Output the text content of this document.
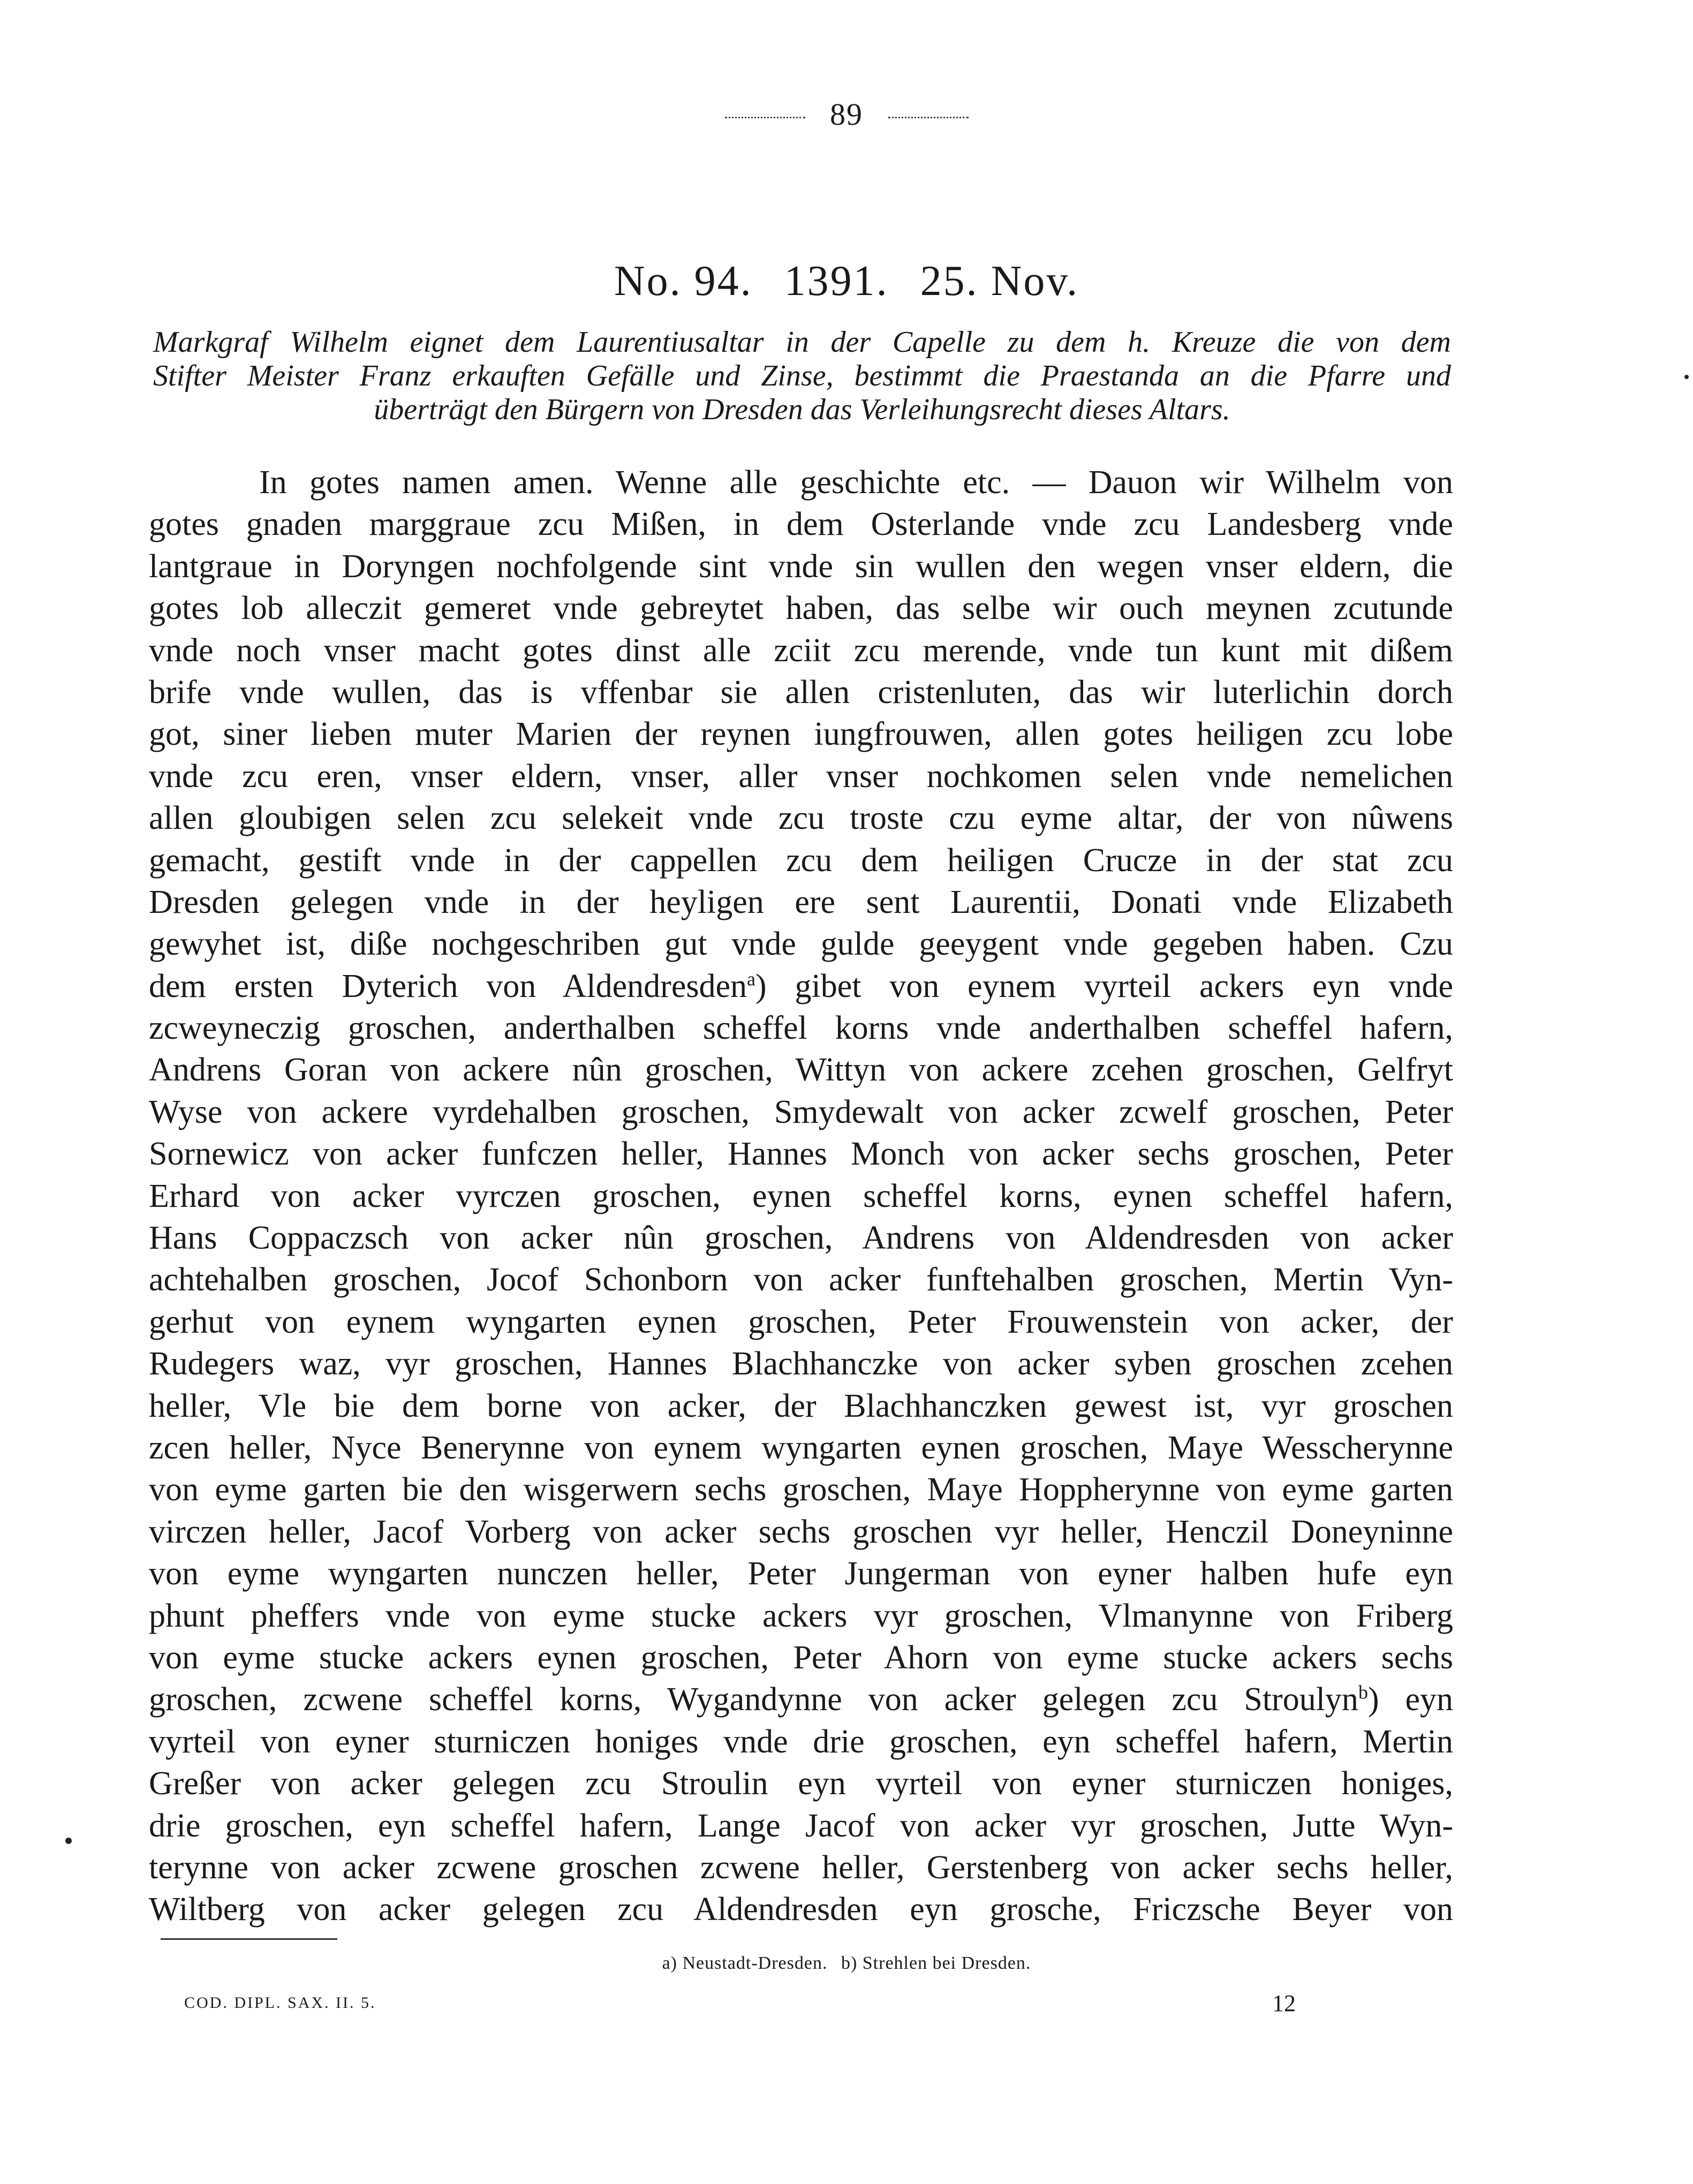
89
No. 94. 1391. 25. Nov.
Markgraf Wilhelm eignet dem Laurentiusaltar in der Capelle zu dem h. Kreuze die von dem
Stifter Meister Franz erkauften Gefälle und Zinse, bestimmt die Praestanda an die Pfarre und
überträgt den Bürgern von Dresden das Verleihungsrecht dieses Altars.
In gotes namen amen. Wenne alle geschichte etc. — Dauon wir Wilhelm von
gotes gnaden marggraue zcu Mißen, in dem Osterlande vnde zcu Landesberg vnde
lantgraue in Doryngen nochfolgende sint vnde sin wullen den wegen vnser eldern, die
gotes lob alleczit gemeret vnde gebreytet haben, das selbe wir ouch meynen zcutunde
vnde noch vnser macht gotes dinst alle zciit zcu merende, vnde tun kunt mit dißem
brife vnde wullen, das is vffenbar sie allen cristenluten, das wir luterlichin dorch
got, siner lieben muter Marien der reynen iungfrouwen, allen gotes heiligen zcu lobe
vnde zcu eren, vnser eldern, vnser, aller vnser nochkomen selen vnde nemelichen
allen gloubigen selen zcu selekeit vnde zcu troste czu eyme altar, der von nûwens
gemacht, gestift vnde in der cappellen zcu dem heiligen Crucze in der stat zcu
Dresden gelegen vnde in der heyligen ere sent Laurentii, Donati vnde Elizabeth
gewyhet ist, diße nochgeschriben gut vnde gulde geeygent vnde gegeben haben. Czu
dem ersten Dyterich von Aldendresden$^a$) gibet von eynem vyrteil ackers eyn vnde
zcweyneczig groschen, anderthalben scheffel korns vnde anderthalben scheffel hafern,
Andrens Goran von ackere nûn groschen, Wittyn von ackere zcehen groschen, Gelfryt
Wyse von ackere vyrdehalben groschen, Smydewalt von acker zcwelf groschen, Peter
Sornewicz von acker funfczen heller, Hannes Monch von acker sechs groschen, Peter
Erhard von acker vyrczen groschen, eynen scheffel korns, eynen scheffel hafern,
Hans Coppaczsch von acker nûn groschen, Andrens von Aldendresden von acker
achtehalben groschen, Jocof Schonborn von acker funftehalben groschen, Mertin Vyn-
gerhut von eynem wyngarten eynen groschen, Peter Frouwenstein von acker, der
Rudegers waz, vyr groschen, Hannes Blachhanczke von acker syben groschen zcehen
heller, Vle bie dem borne von acker, der Blachhanczken gewest ist, vyr groschen
zcen heller, Nyce Benerynne von eynem wyngarten eynen groschen, Maye Wesscherynne
von eyme garten bie den wisgerwern sechs groschen, Maye Hoppherynne von eyme garten
virczen heller, Jacof Vorberg von acker sechs groschen vyr heller, Henczil Doneyninne
von eyme wyngarten nunczen heller, Peter Jungerman von eyner halben hufe eyn
phunt pheffers vnde von eyme stucke ackers vyr groschen, Vlmanynne von Friberg
von eyme stucke ackers eynen groschen, Peter Ahorn von eyme stucke ackers sechs
groschen, zcwene scheffel korns, Wygandynne von acker gelegen zcu Stroulyn$^b$) eyn
vyrteil von eyner sturniczen honiges vnde drie groschen, eyn scheffel hafern, Mertin
Greßer von acker gelegen zcu Stroulin eyn vyrteil von eyner sturniczen honiges,
drie groschen, eyn scheffel hafern, Lange Jacof von acker vyr groschen, Jutte Wyn-
terynne von acker zcwene groschen zcwene heller, Gerstenberg von acker sechs heller,
Wiltberg von acker gelegen zcu Aldendresden eyn grosche, Friczsche Beyer von
a) Neustadt-Dresden. b) Strehlen bei Dresden.
COD. DIPL. SAX. II. 5.	12
